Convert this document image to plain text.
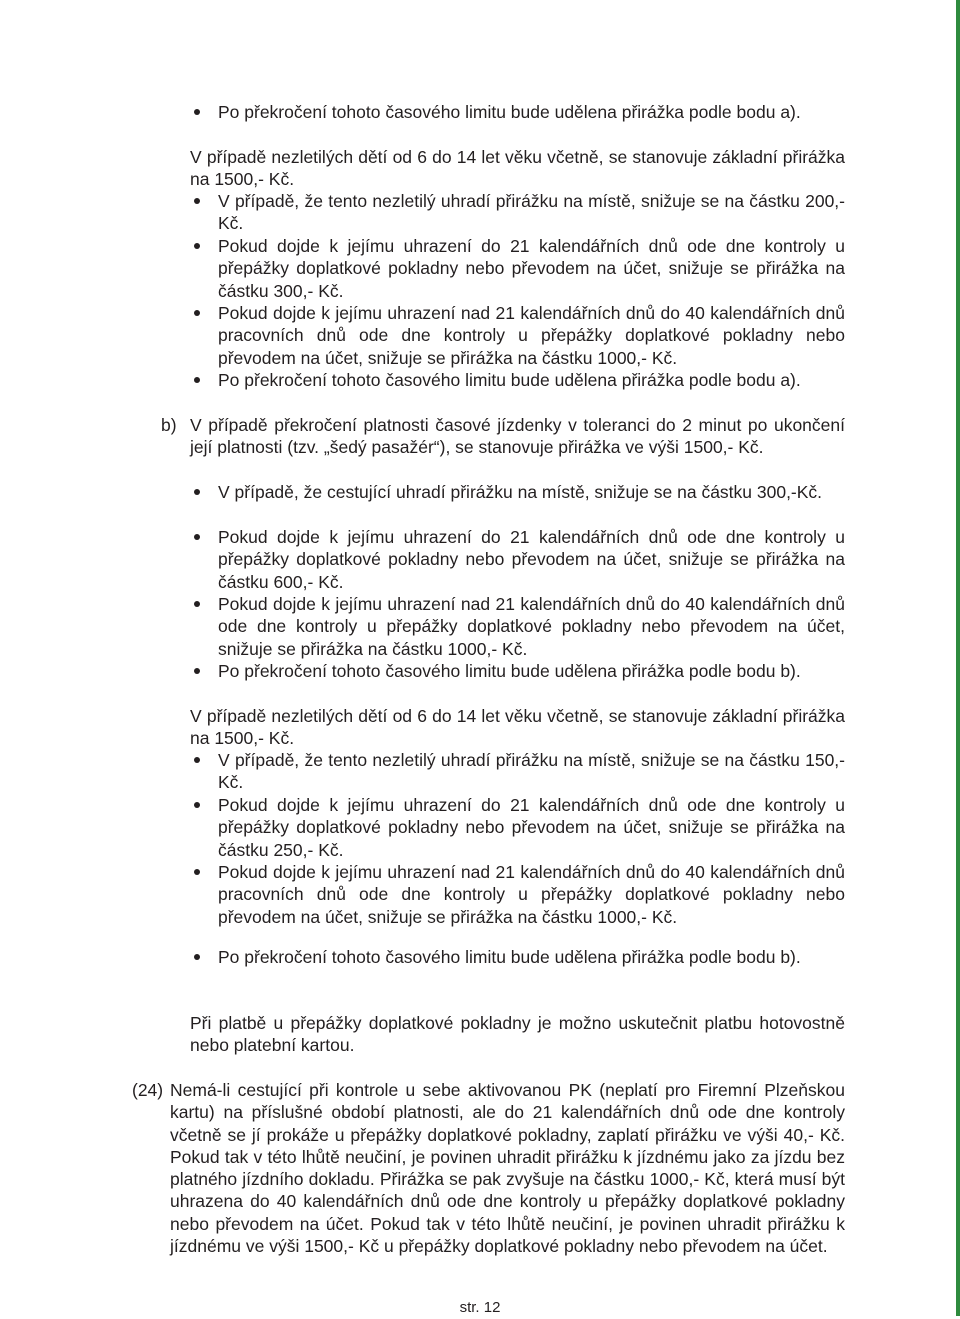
Po překročení tohoto časového limitu bude udělena přirážka podle bodu a).
V případě nezletilých dětí od 6 do 14 let věku včetně, se stanovuje základní přirážka na 1500,- Kč.
V případě, že tento nezletilý uhradí přirážku na místě, snižuje se na částku 200,- Kč.
Pokud dojde k jejímu uhrazení do 21 kalendářních dnů ode dne kontroly u přepážky doplatkové pokladny nebo převodem na účet, snižuje se přirážka na částku 300,- Kč.
Pokud dojde k jejímu uhrazení nad 21 kalendářních dnů do 40 kalendářních dnů pracovních dnů ode dne kontroly u přepážky doplatkové pokladny nebo převodem na účet, snižuje se přirážka na částku 1000,- Kč.
Po překročení tohoto časového limitu bude udělena přirážka podle bodu a).
b) V případě překročení platnosti časové jízdenky v toleranci do 2 minut po ukončení její platnosti (tzv. „šedý pasažér“), se stanovuje přirážka ve výši 1500,- Kč.
V případě, že cestující uhradí přirážku na místě, snižuje se na částku 300,-Kč.
Pokud dojde k jejímu uhrazení do 21 kalendářních dnů ode dne kontroly u přepážky doplatkové pokladny nebo převodem na účet, snižuje se přirážka na částku 600,- Kč.
Pokud dojde k jejímu uhrazení nad 21 kalendářních dnů do 40 kalendářních dnů ode dne kontroly u přepážky doplatkové pokladny nebo převodem na účet, snižuje se přirážka na částku 1000,- Kč.
Po překročení tohoto časového limitu bude udělena přirážka podle bodu b).
V případě nezletilých dětí od 6 do 14 let věku včetně, se stanovuje základní přirážka na 1500,- Kč.
V případě, že tento nezletilý uhradí přirážku na místě, snižuje se na částku 150,- Kč.
Pokud dojde k jejímu uhrazení do 21 kalendářních dnů ode dne kontroly u přepážky doplatkové pokladny nebo převodem na účet, snižuje se přirážka na částku 250,- Kč.
Pokud dojde k jejímu uhrazení nad 21 kalendářních dnů do 40 kalendářních dnů pracovních dnů ode dne kontroly u přepážky doplatkové pokladny nebo převodem na účet, snižuje se přirážka na částku 1000,- Kč.
Po překročení tohoto časového limitu bude udělena přirážka podle bodu b).
Při platbě u přepážky doplatkové pokladny je možno uskutečnit platbu hotovostně nebo platební kartou.
(24) Nemá-li cestující při kontrole u sebe aktivovanou PK (neplatí pro Firemní Plzeňskou kartu) na příslušné období platnosti, ale do 21 kalendářních dnů ode dne kontroly včetně se jí prokáže u přepážky doplatkové pokladny, zaplatí přirážku ve výši 40,- Kč. Pokud tak v této lhůtě neučiní, je povinen uhradit přirážku k jízdnému jako za jízdu bez platného jízdního dokladu. Přirážka se pak zvyšuje na částku 1000,- Kč, která musí být uhrazena do 40 kalendářních dnů ode dne kontroly u přepážky doplatkové pokladny nebo převodem na účet. Pokud tak v této lhůtě neučiní, je povinen uhradit přirážku k jízdnému ve výši 1500,- Kč u přepážky doplatkové pokladny nebo převodem na účet.
str. 12
